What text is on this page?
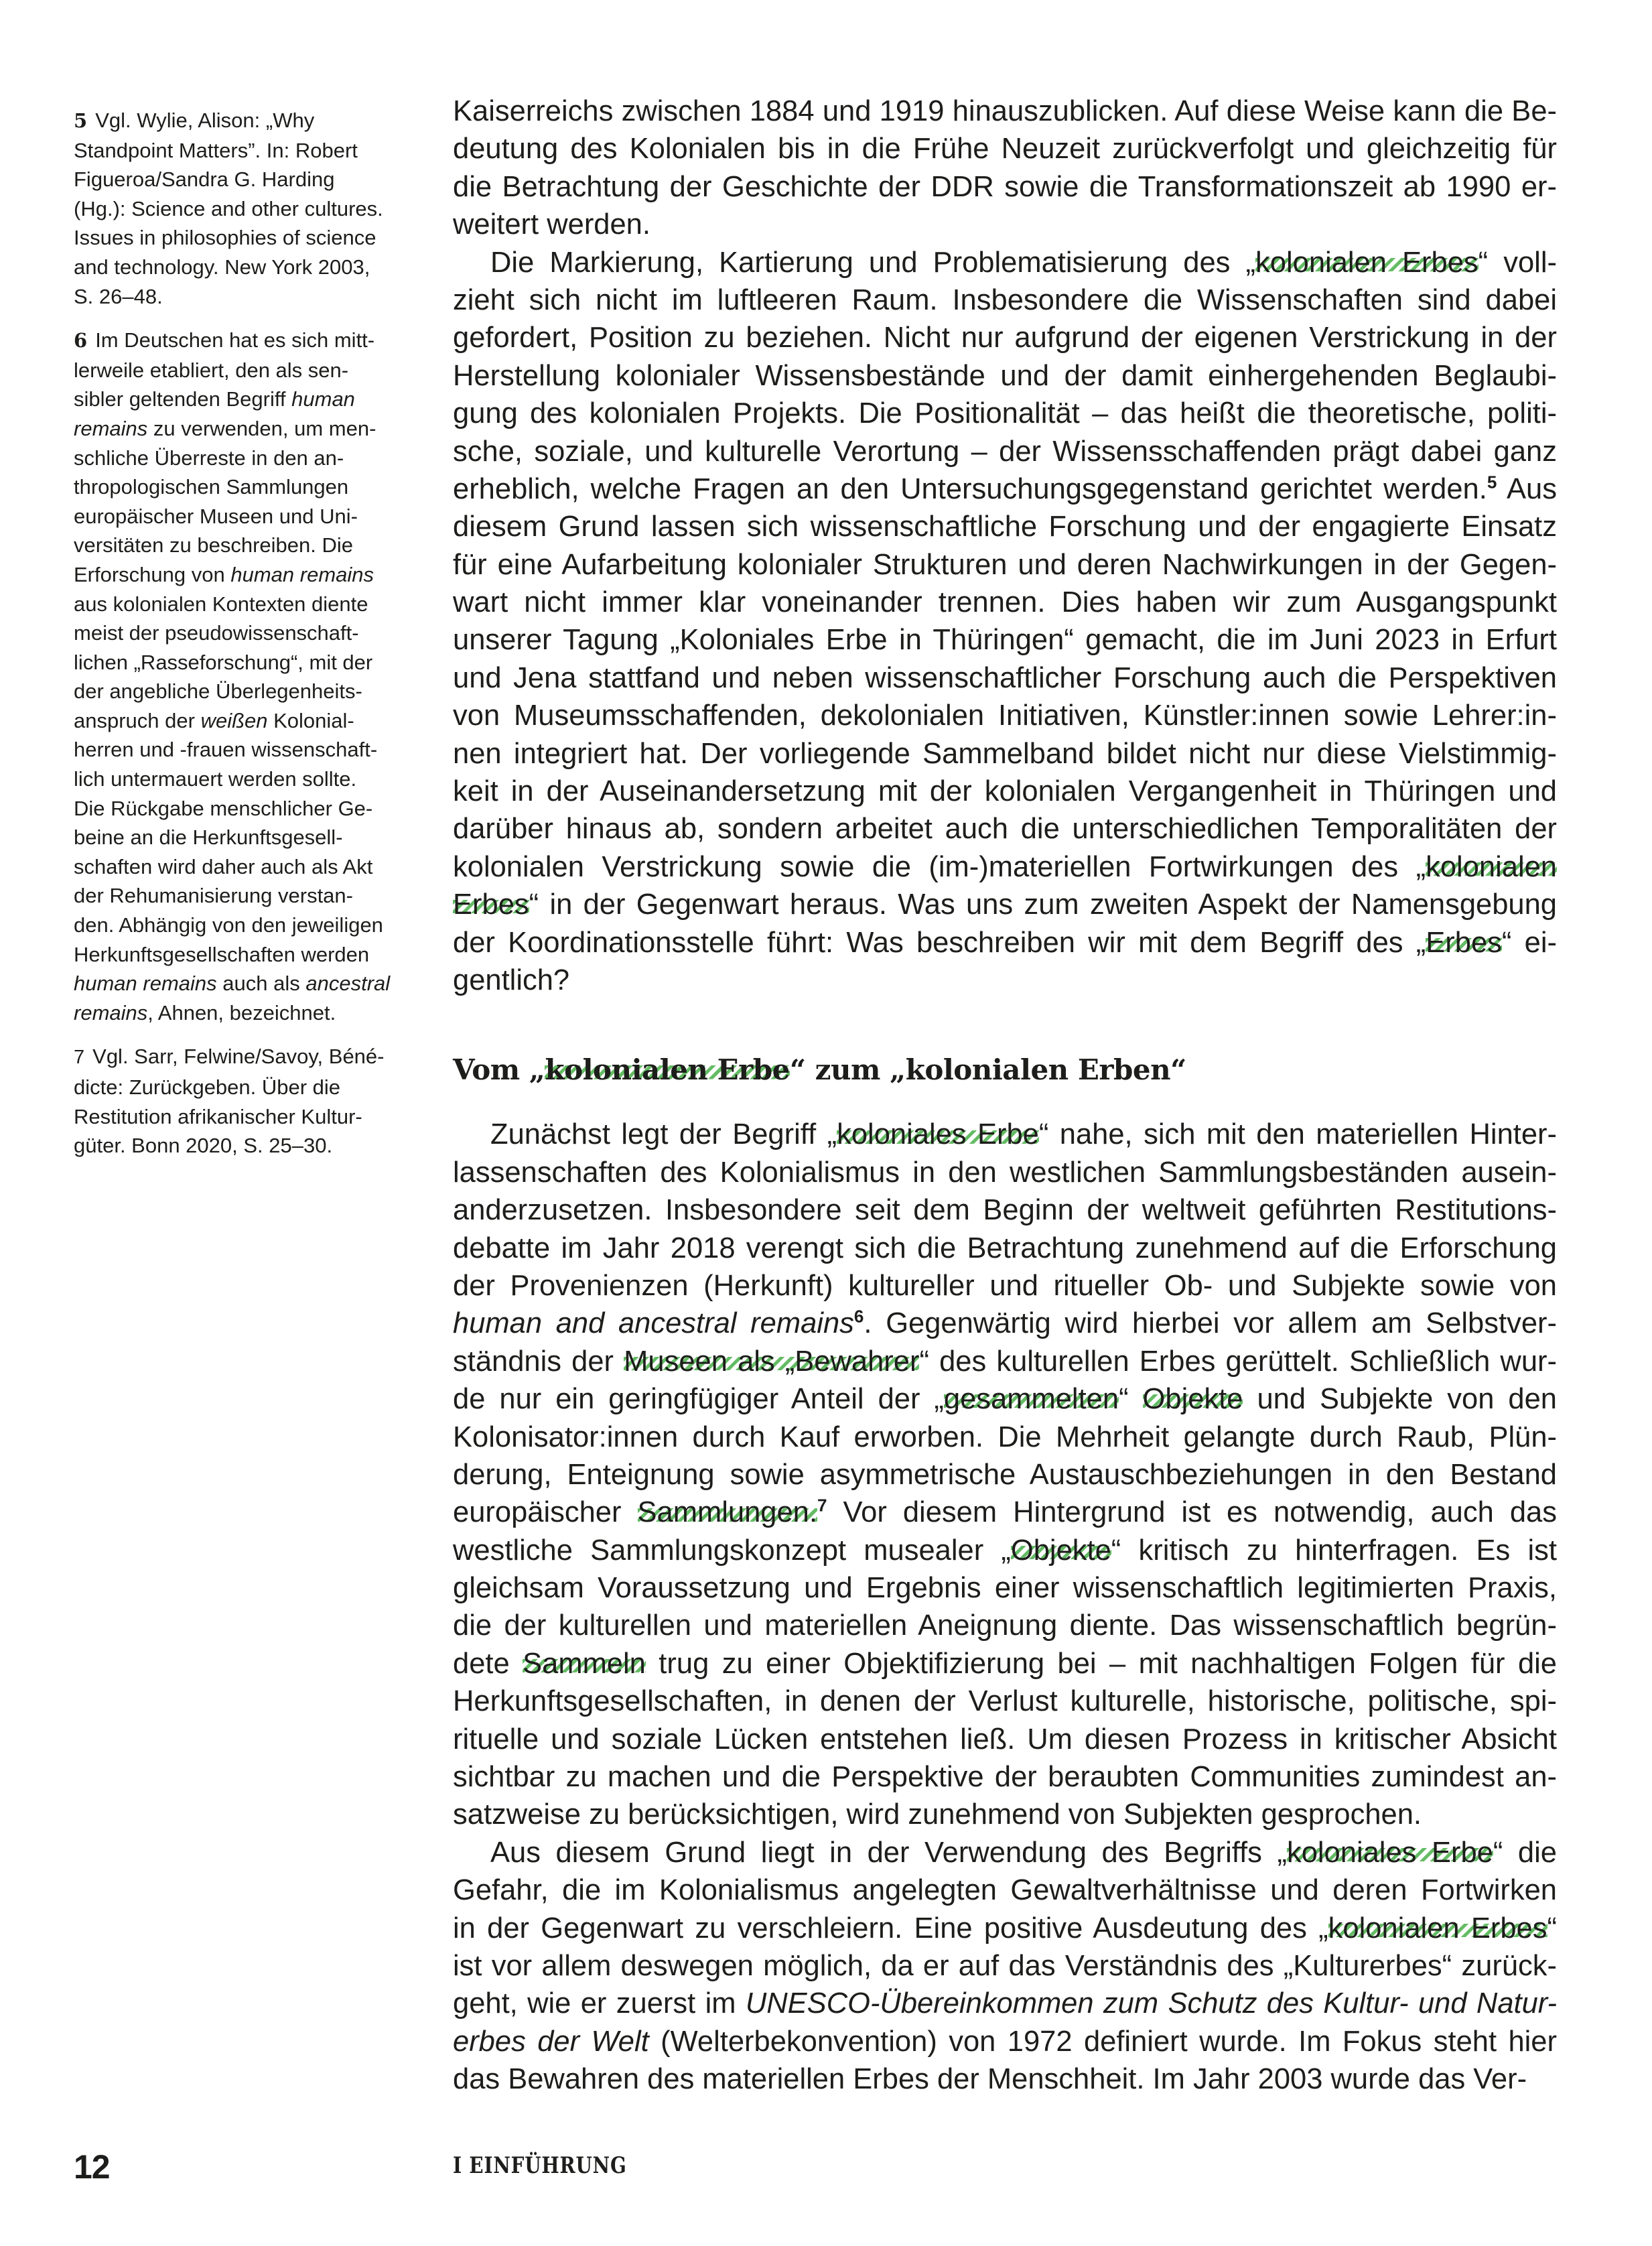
5 Vgl. Wylie, Alison: „Why
Standpoint Matters”. In: Robert
Figueroa/Sandra G. Harding
(Hg.): Science and other cultures.
Issues in philosophies of science
and technology. New York 2003,
S. 26–48.
6 Im Deutschen hat es sich mitt-
lerweile etabliert, den als sen-
sibler geltenden Begriff human
remains zu verwenden, um men-
schliche Überreste in den an-
thropologischen Sammlungen
europäischer Museen und Uni-
versitäten zu beschreiben. Die
Erforschung von human remains
aus kolonialen Kontexten diente
meist der pseudowissenschaft-
lichen „Rasseforschung“, mit der
der angebliche Überlegenheits-
anspruch der weißen Kolonial-
herren und -frauen wissenschaft-
lich untermauert werden sollte.
Die Rückgabe menschlicher Ge-
beine an die Herkunftsgesell-
schaften wird daher auch als Akt
der Rehumanisierung verstan-
den. Abhängig von den jeweiligen
Herkunftsgesellschaften werden
human remains auch als ancestral
remains, Ahnen, bezeichnet.
7 Vgl. Sarr, Felwine/Savoy, Béné-
dicte: Zurückgeben. Über die
Restitution afrikanischer Kultur-
güter. Bonn 2020, S. 25–30.

Kaiserreichs zwischen 1884 und 1919 hinauszublicken. Auf diese Weise kann die Be-
deutung des Kolonialen bis in die Frühe Neuzeit zurückverfolgt und gleichzeitig für
die Betrachtung der Geschichte der DDR sowie die Transformationszeit ab 1990 er-
weitert werden.

Die Markierung, Kartierung und Problematisierung des „kolonialen Erbes“ voll-
zieht sich nicht im luftleeren Raum. Insbesondere die Wissenschaften sind dabei
gefordert, Position zu beziehen. Nicht nur aufgrund der eigenen Verstrickung in der
Herstellung kolonialer Wissensbestände und der damit einhergehenden Beglaubi-
gung des kolonialen Projekts. Die Positionalität – das heißt die theoretische, politi-
sche, soziale, und kulturelle Verortung – der Wissensschaffenden prägt dabei ganz
erheblich, welche Fragen an den Untersuchungsgegenstand gerichtet werden.$^5$ Aus
diesem Grund lassen sich wissenschaftliche Forschung und der engagierte Einsatz
für eine Aufarbeitung kolonialer Strukturen und deren Nachwirkungen in der Gegen-
wart nicht immer klar voneinander trennen. Dies haben wir zum Ausgangspunkt
unserer Tagung „Koloniales Erbe in Thüringen“ gemacht, die im Juni 2023 in Erfurt
und Jena stattfand und neben wissenschaftlicher Forschung auch die Perspektiven
von Museumsschaffenden, dekolonialen Initiativen, Künstler:innen sowie Lehrer:in-
nen integriert hat. Der vorliegende Sammelband bildet nicht nur diese Vielstimmig-
keit in der Auseinandersetzung mit der kolonialen Vergangenheit in Thüringen und
darüber hinaus ab, sondern arbeitet auch die unterschiedlichen Temporalitäten der
kolonialen Verstrickung sowie die (im-)materiellen Fortwirkungen des „kolonialen
Erbes“ in der Gegenwart heraus. Was uns zum zweiten Aspekt der Namensgebung
der Koordinationsstelle führt: Was beschreiben wir mit dem Begriff des „Erbes“ ei-
gentlich?

Vom „kolonialen Erbe“ zum „kolonialen Erben“

Zunächst legt der Begriff „koloniales Erbe“ nahe, sich mit den materiellen Hinter-
lassenschaften des Kolonialismus in den westlichen Sammlungsbeständen ausein-
anderzusetzen. Insbesondere seit dem Beginn der weltweit geführten Restitutions-
debatte im Jahr 2018 verengt sich die Betrachtung zunehmend auf die Erforschung
der Provenienzen (Herkunft) kultureller und ritueller Ob- und Subjekte sowie von
human and ancestral remains$^6$. Gegenwärtig wird hierbei vor allem am Selbstver-
ständnis der Museen als „Bewahrer“ des kulturellen Erbes gerüttelt. Schließlich wur-
de nur ein geringfügiger Anteil der „gesammelten“ Objekte und Subjekte von den
Kolonisator:innen durch Kauf erworben. Die Mehrheit gelangte durch Raub, Plün-
derung, Enteignung sowie asymmetrische Austauschbeziehungen in den Bestand
europäischer Sammlungen.$^7$ Vor diesem Hintergrund ist es notwendig, auch das
westliche Sammlungskonzept musealer „Objekte“ kritisch zu hinterfragen. Es ist
gleichsam Voraussetzung und Ergebnis einer wissenschaftlich legitimierten Praxis,
die der kulturellen und materiellen Aneignung diente. Das wissenschaftlich begrün-
dete Sammeln trug zu einer Objektifizierung bei – mit nachhaltigen Folgen für die
Herkunftsgesellschaften, in denen der Verlust kulturelle, historische, politische, spi-
rituelle und soziale Lücken entstehen ließ. Um diesen Prozess in kritischer Absicht
sichtbar zu machen und die Perspektive der beraubten Communities zumindest an-
satzweise zu berücksichtigen, wird zunehmend von Subjekten gesprochen.

Aus diesem Grund liegt in der Verwendung des Begriffs „koloniales Erbe“ die
Gefahr, die im Kolonialismus angelegten Gewaltverhältnisse und deren Fortwirken
in der Gegenwart zu verschleiern. Eine positive Ausdeutung des „kolonialen Erbes“
ist vor allem deswegen möglich, da er auf das Verständnis des „Kulturerbes“ zurück-
geht, wie er zuerst im UNESCO-Übereinkommen zum Schutz des Kultur- und Natur-
erbes der Welt (Welterbekonvention) von 1972 definiert wurde. Im Fokus steht hier
das Bewahren des materiellen Erbes der Menschheit. Im Jahr 2003 wurde das Ver-

12	I EINFÜHRUNG
